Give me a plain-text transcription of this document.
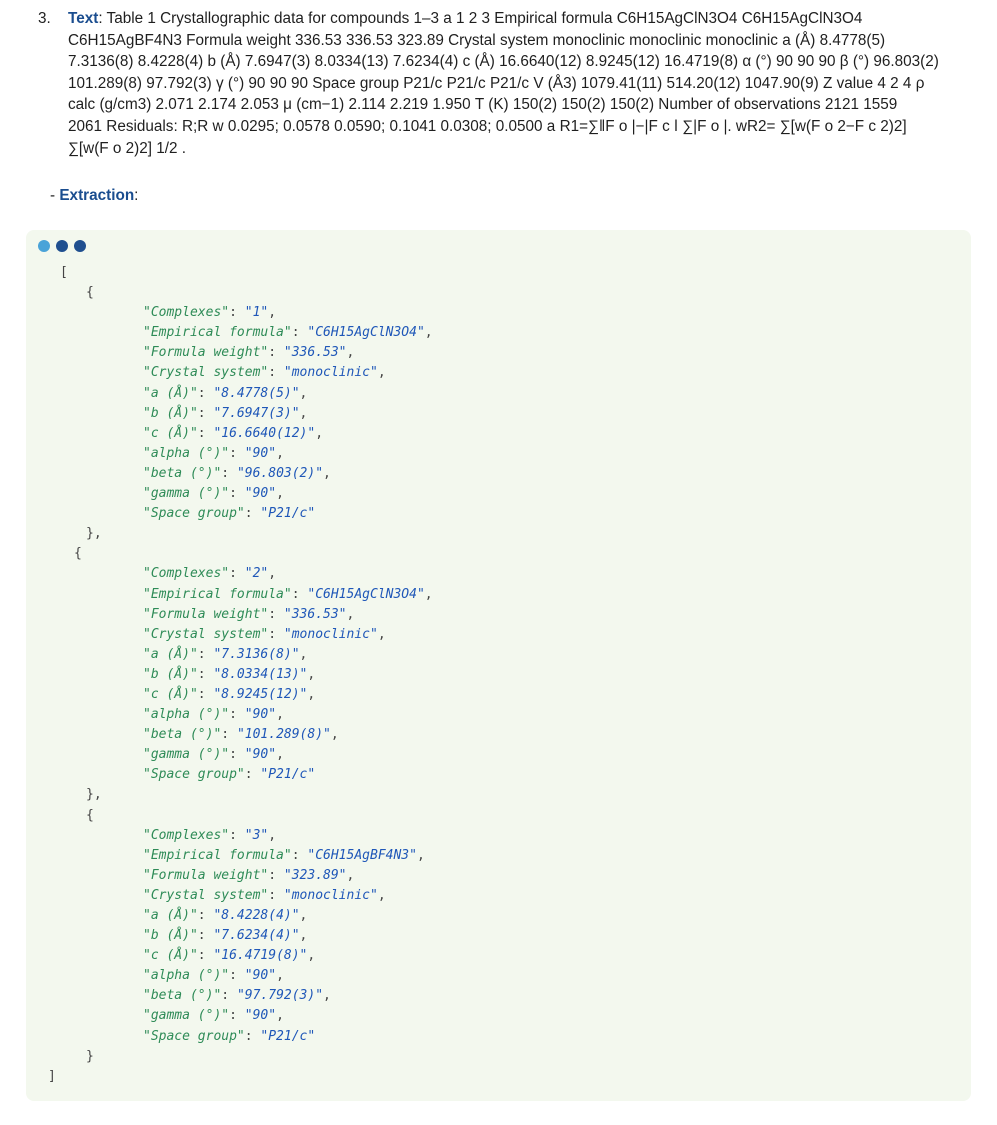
3. Text: Table 1 Crystallographic data for compounds 1–3 a 1 2 3 Empirical formula C6H15AgClN3O4 C6H15AgClN3O4
C6H15AgBF4N3 Formula weight 336.53 336.53 323.89 Crystal system monoclinic monoclinic monoclinic a (Å) 8.4778(5)
7.3136(8) 8.4228(4) b (Å) 7.6947(3) 8.0334(13) 7.6234(4) c (Å) 16.6640(12) 8.9245(12) 16.4719(8) α (°) 90 90 90 β (°) 96.803(2)
101.289(8) 97.792(3) γ (°) 90 90 90 Space group P21/c P21/c P21/c V (Å3) 1079.41(11) 514.20(12) 1047.90(9) Z value 4 2 4 ρ
calc (g/cm3) 2.071 2.174 2.053 μ (cm−1) 2.114 2.219 1.950 T (K) 150(2) 150(2) 150(2) Number of observations 2121 1559
2061 Residuals: R;R w 0.0295; 0.0578 0.0590; 0.1041 0.0308; 0.0500 a R1=∑ǁF o |−|F c ǀ ∑|F o |. wR2= ∑[w(F o 2−F c 2)2]
∑[w(F o 2)2] 1/2 .
- Extraction:
[
{
"Complexes": "1",
"Empirical formula": "C6H15AgClN3O4",
"Formula weight": "336.53",
"Crystal system": "monoclinic",
"a (Å)": "8.4778(5)",
"b (Å)": "7.6947(3)",
"c (Å)": "16.6640(12)",
"alpha (°)": "90",
"beta (°)": "96.803(2)",
"gamma (°)": "90",
"Space group": "P21/c"
},
{
"Complexes": "2",
"Empirical formula": "C6H15AgClN3O4",
"Formula weight": "336.53",
"Crystal system": "monoclinic",
"a (Å)": "7.3136(8)",
"b (Å)": "8.0334(13)",
"c (Å)": "8.9245(12)",
"alpha (°)": "90",
"beta (°)": "101.289(8)",
"gamma (°)": "90",
"Space group": "P21/c"
},
{
"Complexes": "3",
"Empirical formula": "C6H15AgBF4N3",
"Formula weight": "323.89",
"Crystal system": "monoclinic",
"a (Å)": "8.4228(4)",
"b (Å)": "7.6234(4)",
"c (Å)": "16.4719(8)",
"alpha (°)": "90",
"beta (°)": "97.792(3)",
"gamma (°)": "90",
"Space group": "P21/c"
}
]
